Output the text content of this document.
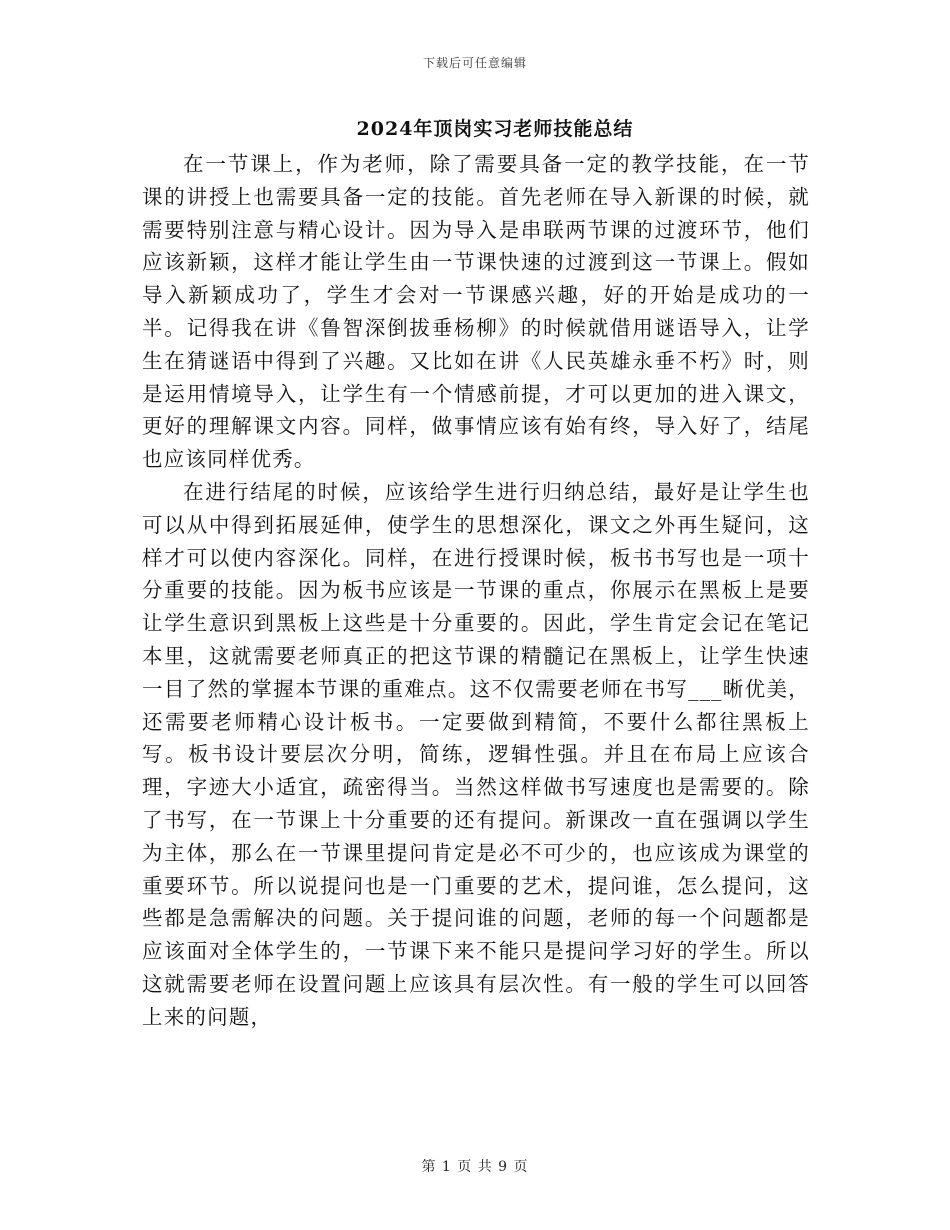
下载后可任意编辑
2024年顶岗实习老师技能总结

在一节课上，作为老师，除了需要具备一定的教学技能，在一节课的讲授上也需要具备一定的技能。首先老师在导入新课的时候，就需要特别注意与精心设计。因为导入是串联两节课的过渡环节，他们应该新颖，这样才能让学生由一节课快速的过渡到这一节课上。假如导入新颖成功了，学生才会对一节课感兴趣，好的开始是成功的一半。记得我在讲《鲁智深倒拔垂杨柳》的时候就借用谜语导入，让学生在猜谜语中得到了兴趣。又比如在讲《人民英雄永垂不朽》时，则是运用情境导入，让学生有一个情感前提，才可以更加的进入课文，更好的理解课文内容。同样，做事情应该有始有终，导入好了，结尾也应该同样优秀。

在进行结尾的时候，应该给学生进行归纳总结，最好是让学生也可以从中得到拓展延伸，使学生的思想深化，课文之外再生疑问，这样才可以使内容深化。同样，在进行授课时候，板书书写也是一项十分重要的技能。因为板书应该是一节课的重点，你展示在黑板上是要让学生意识到黑板上这些是十分重要的。因此，学生肯定会记在笔记本里，这就需要老师真正的把这节课的精髓记在黑板上，让学生快速一目了然的掌握本节课的重难点。这不仅需要老师在书写___晰优美，还需要老师精心设计板书。一定要做到精简，不要什么都往黑板上写。板书设计要层次分明，简练，逻辑性强。并且在布局上应该合理，字迹大小适宜，疏密得当。当然这样做书写速度也是需要的。除了书写，在一节课上十分重要的还有提问。新课改一直在强调以学生为主体，那么在一节课里提问肯定是必不可少的，也应该成为课堂的重要环节。所以说提问也是一门重要的艺术，提问谁，怎么提问，这些都是急需解决的问题。关于提问谁的问题，老师的每一个问题都是应该面对全体学生的，一节课下来不能只是提问学习好的学生。所以这就需要老师在设置问题上应该具有层次性。有一般的学生可以回答上来的问题，

第 1 页 共 9 页
